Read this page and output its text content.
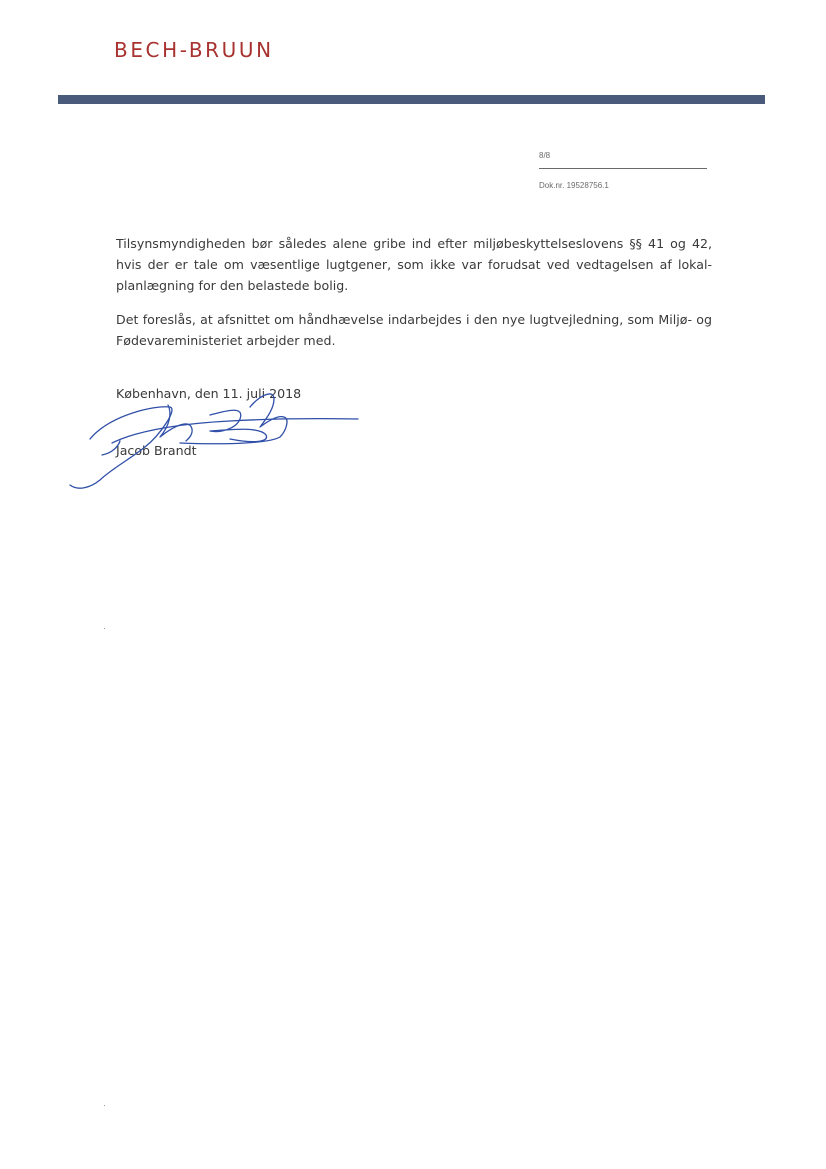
BECH-BRUUN
8/8
Dok.nr. 19528756.1

Tilsynsmyndigheden bør således alene gribe ind efter miljøbeskyttelseslovens §§ 41 og 42, hvis der er tale om væsentlige lugtgener, som ikke var forudsat ved vedtagelsen af lokal-planlægning for den belastede bolig.

Det foreslås, at afsnittet om håndhævelse indarbejdes i den nye lugtvejledning, som Miljø- og Fødevareministeriet arbejder med.

København, den 11. juli 2018
Jacob Brandt
